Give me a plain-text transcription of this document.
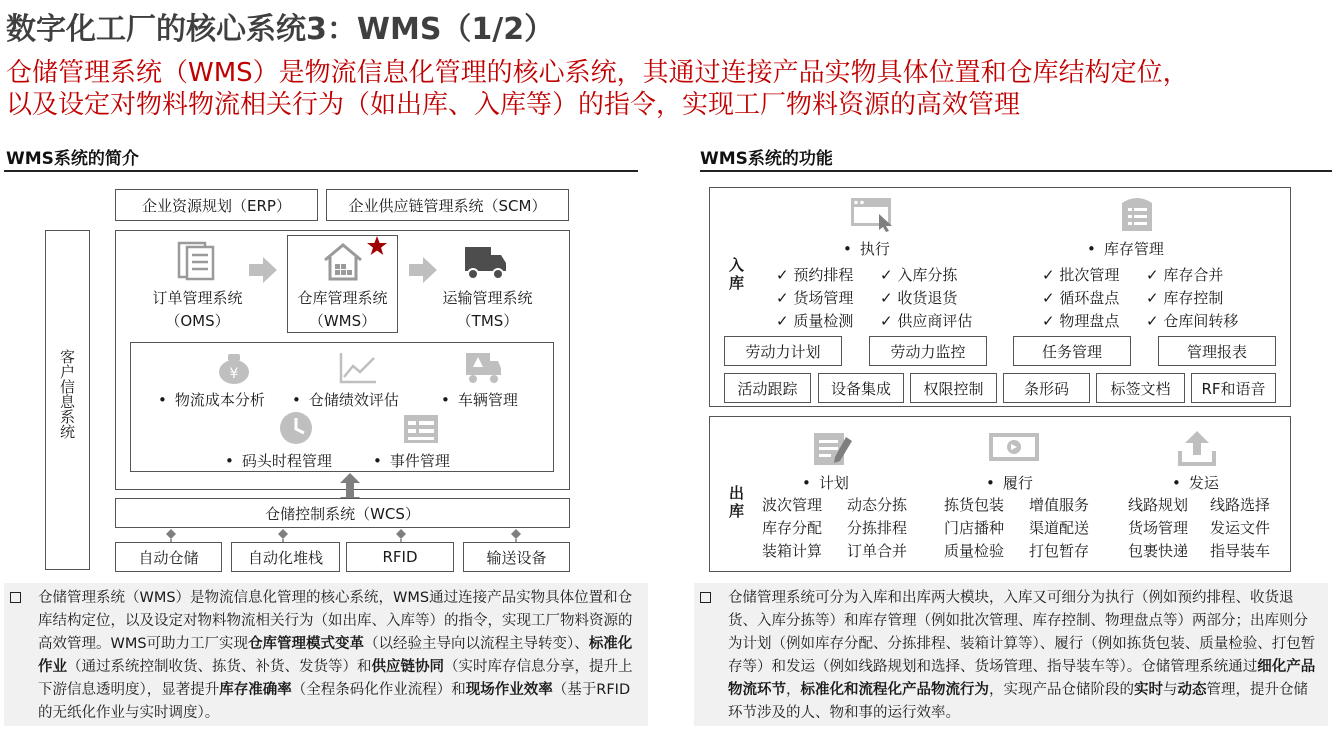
数字化工厂的核心系统3：WMS（1/2）
仓储管理系统（WMS）是物流信息化管理的核心系统，其通过连接产品实物具体位置和仓库结构定位，
以及设定对物料物流相关行为（如出库、入库等）的指令，实现工厂物料资源的高效管理
WMS系统的简介
企业资源规划（ERP）	企业供应链管理系统（SCM）
客户信息系统
订单管理系统
（OMS）
仓库管理系统
（WMS）
运输管理系统
（TMS）
¥
• 物流成本分析	• 仓储绩效评估	• 车辆管理
• 码头时程管理	• 事件管理
仓储控制系统（WCS）
自动仓储	自动化堆栈	RFID	输送设备
仓储管理系统（WMS）是物流信息化管理的核心系统，WMS通过连接产品实物具体位置和仓库结构定位，以及设定对物料物流相关行为（如出库、入库等）的指令，实现工厂物料资源的高效管理。WMS可助力工厂实现仓库管理模式变革（以经验主导向以流程主导转变）、标准化作业（通过系统控制收货、拣货、补货、发货等）和供应链协同（实时库存信息分享，提升上下游信息透明度），显著提升库存准确率（全程条码化作业流程）和现场作业效率（基于RFID的无纸化作业与实时调度）。
WMS系统的功能
入库
• 执行
✓ 预约排程 ✓ 入库分拣
✓ 货场管理 ✓ 收货退货
✓ 质量检测 ✓ 供应商评估
• 库存管理
✓ 批次管理 ✓ 库存合并
✓ 循环盘点 ✓ 库存控制
✓ 物理盘点 ✓ 仓库间转移
劳动力计划	劳动力监控	任务管理	管理报表
活动跟踪	设备集成	权限控制	条形码	标签文档	RF和语音
出库
• 计划
波次管理 动态分拣
库存分配 分拣排程
装箱计算 订单合并
• 履行
拣货包装 增值服务
门店播种 渠道配送
质量检验 打包暂存
• 发运
线路规划 线路选择
货场管理 发运文件
包裹快递 指导装车
仓储管理系统可分为入库和出库两大模块，入库又可细分为执行（例如预约排程、收货退货、入库分拣等）和库存管理（例如批次管理、库存控制、物理盘点等）两部分；出库则分为计划（例如库存分配、分拣排程、装箱计算等）、履行（例如拣货包装、质量检验、打包暂存等）和发运（例如线路规划和选择、货场管理、指导装车等）。仓储管理系统通过细化产品物流环节，标准化和流程化产品物流行为，实现产品仓储阶段的实时与动态管理，提升仓储环节涉及的人、物和事的运行效率。
